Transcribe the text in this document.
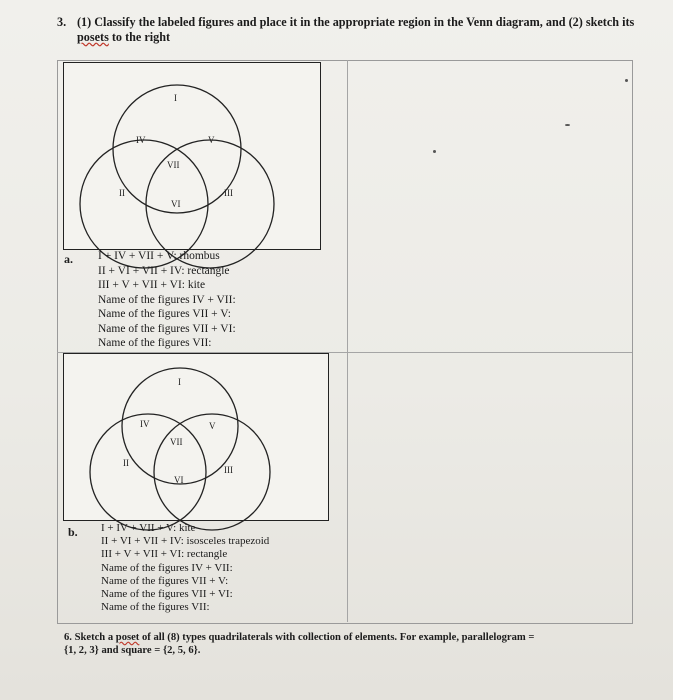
3. (1) Classify the labeled figures and place it in the appropriate region in the Venn diagram, and (2) sketch its posets to the right
I
IV	V
VII
II	III
VI
a. I + IV + VII + V: rhombus
II + VI + VII + IV: rectangle
III + V + VII + VI: kite
Name of the figures IV + VII:
Name of the figures VII + V:
Name of the figures VII + VI:
Name of the figures VII:
I
IV	V
VII
II
III
VI
b. I + IV + VII + V: kite
II + VI + VII + IV: isosceles trapezoid
III + V + VII + VI: rectangle
Name of the figures IV + VII:
Name of the figures VII + V:
Name of the figures VII + VI:
Name of the figures VII:
6. Sketch a poset of all (8) types quadrilaterals with collection of elements. For example, parallelogram =
{1, 2, 3} and square = {2, 5, 6}.
